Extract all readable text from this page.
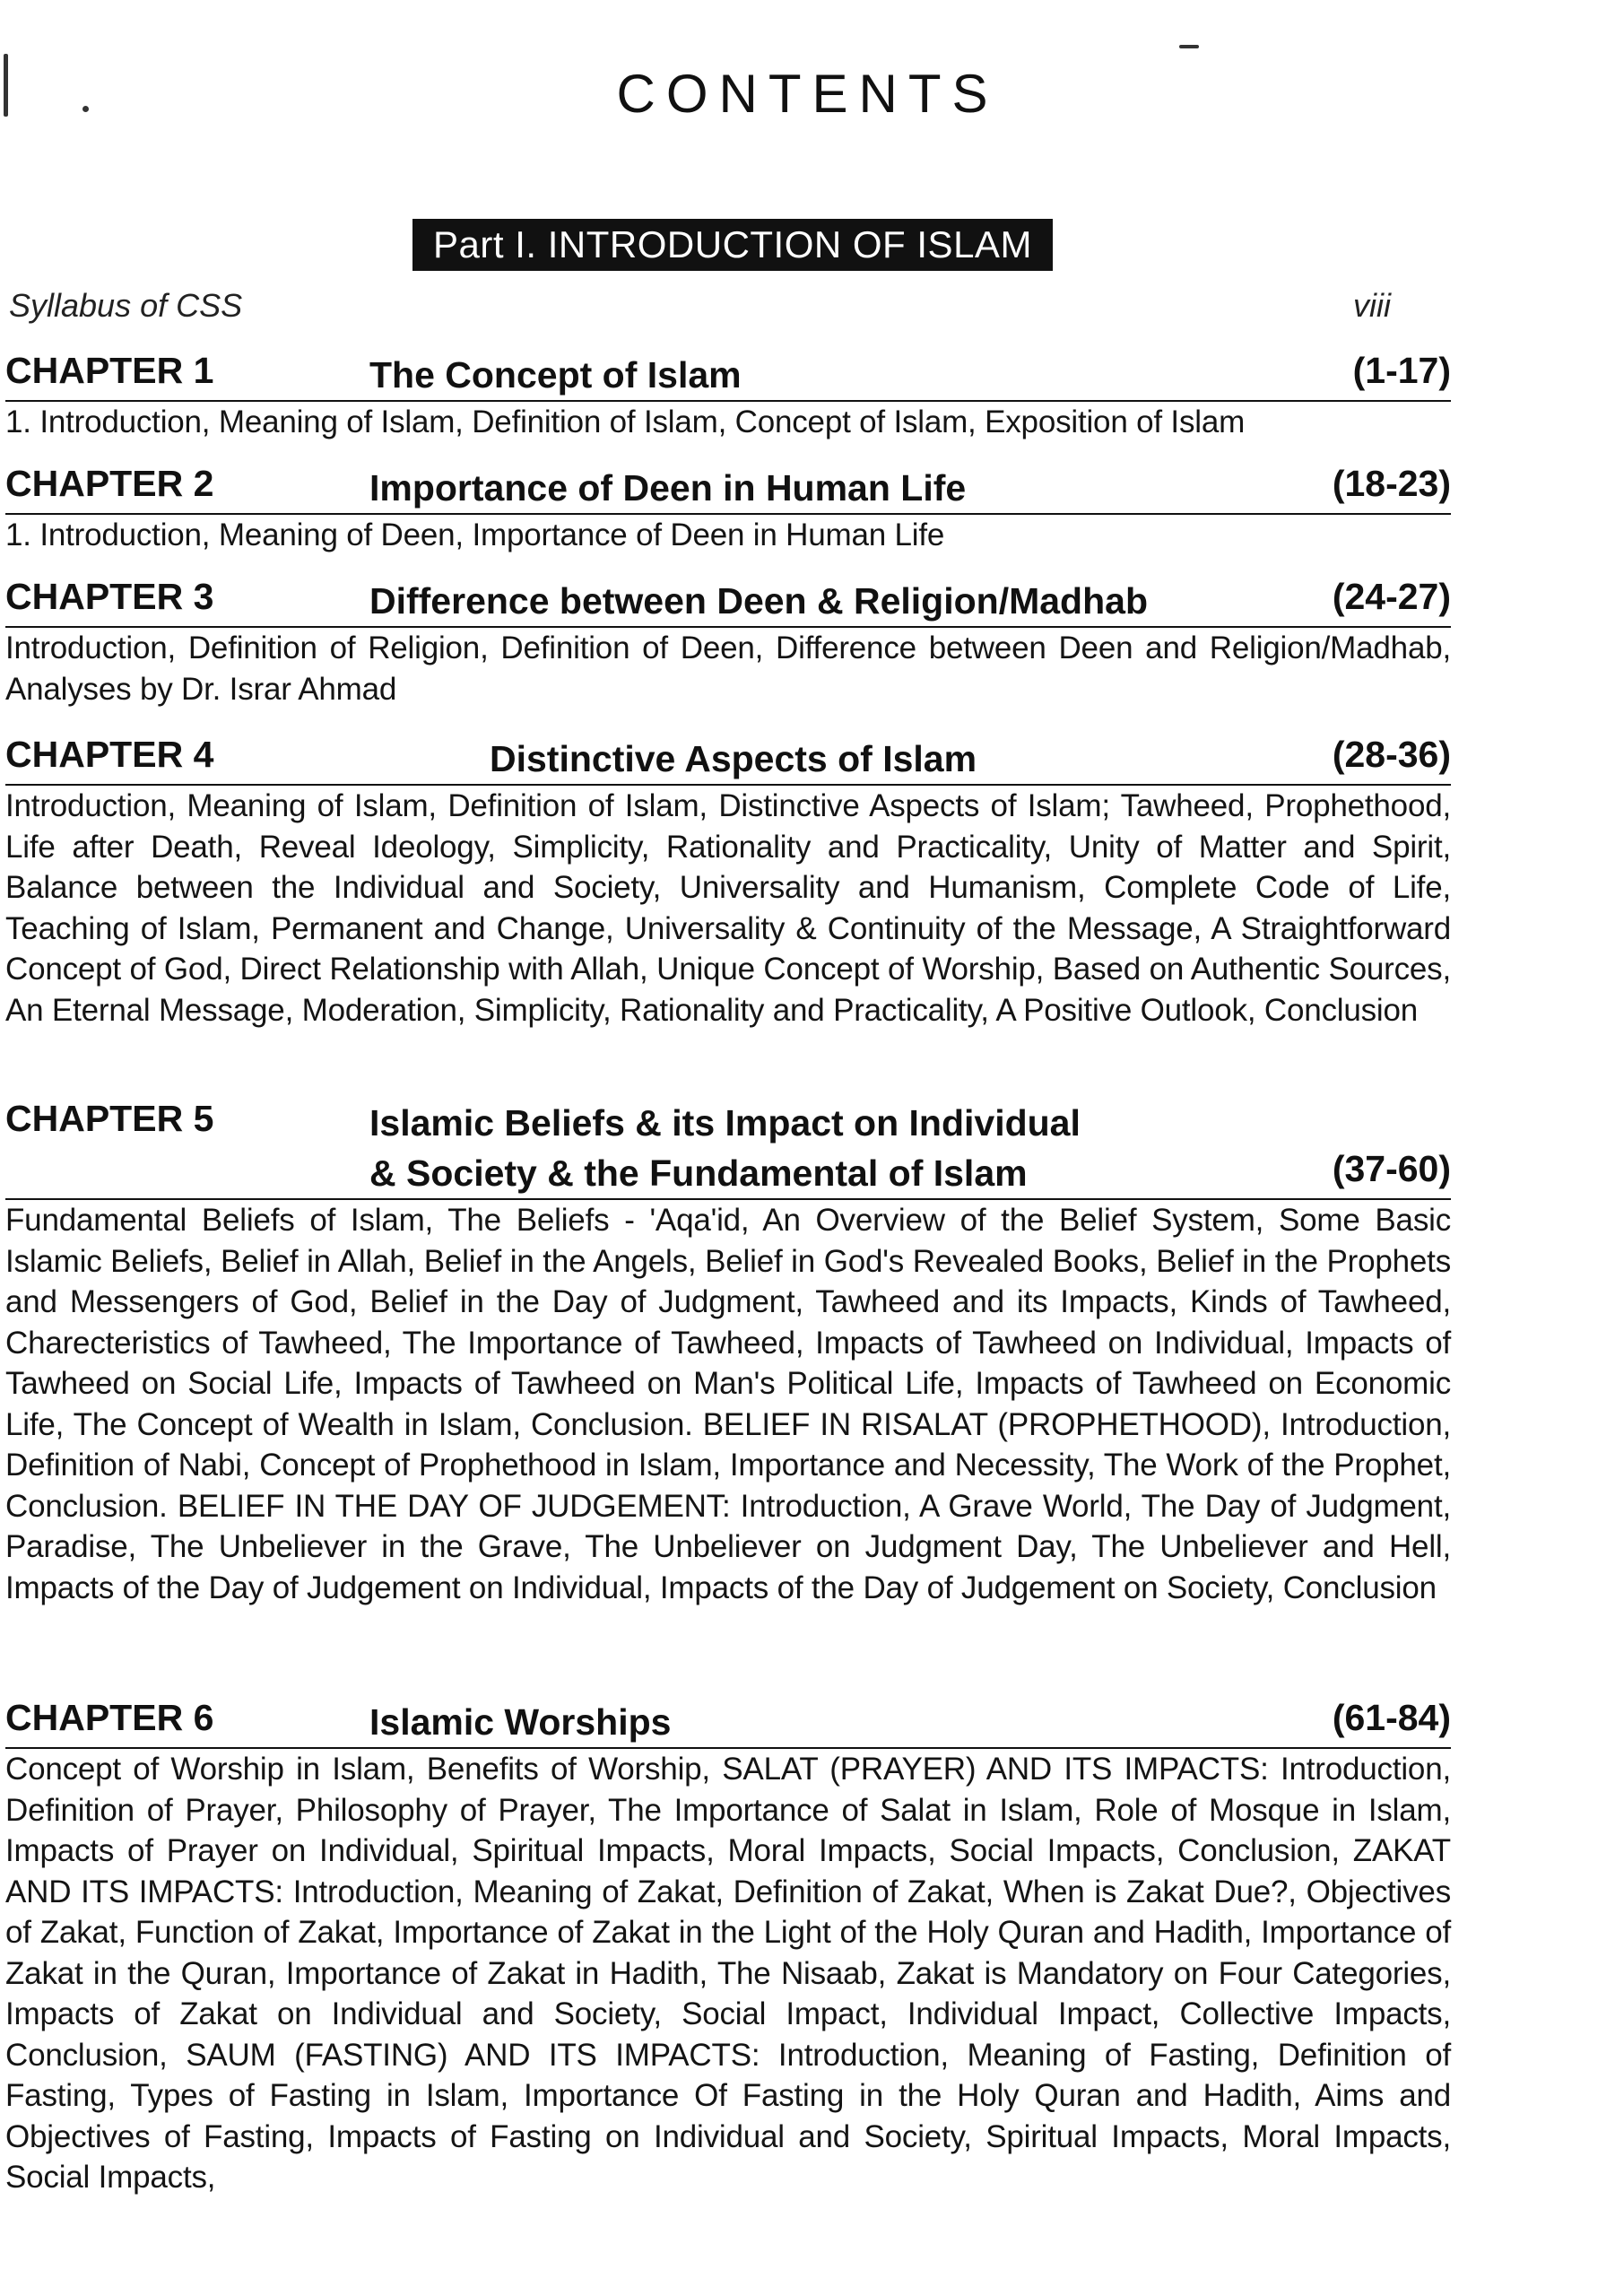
CONTENTS
Part I. INTRODUCTION OF ISLAM
Syllabus of CSS	viii
CHAPTER 1	The Concept of Islam	(1-17)
1. Introduction, Meaning of Islam, Definition of Islam, Concept of Islam, Exposition of Islam
CHAPTER 2	Importance of Deen in Human Life	(18-23)
1. Introduction, Meaning of Deen, Importance of Deen in Human Life
CHAPTER 3	Difference between Deen & Religion/Madhab	(24-27)
Introduction, Definition of Religion, Definition of Deen, Difference between Deen and Religion/Madhab, Analyses by Dr. Israr Ahmad
CHAPTER 4	Distinctive Aspects of Islam	(28-36)
Introduction, Meaning of Islam, Definition of Islam, Distinctive Aspects of Islam; Tawheed, Prophethood, Life after Death, Reveal Ideology, Simplicity, Rationality and Practicality, Unity of Matter and Spirit, Balance between the Individual and Society, Universality and Humanism, Complete Code of Life, Teaching of Islam, Permanent and Change, Universality & Continuity of the Message, A Straightforward Concept of God, Direct Relationship with Allah, Unique Concept of Worship, Based on Authentic Sources, An Eternal Message, Moderation, Simplicity, Rationality and Practicality, A Positive Outlook, Conclusion
CHAPTER 5	Islamic Beliefs & its Impact on Individual
& Society & the Fundamental of Islam	(37-60)
Fundamental Beliefs of Islam, The Beliefs - 'Aqa'id, An Overview of the Belief System, Some Basic Islamic Beliefs, Belief in Allah, Belief in the Angels, Belief in God's Revealed Books, Belief in the Prophets and Messengers of God, Belief in the Day of Judgment, Tawheed and its Impacts, Kinds of Tawheed, Charecteristics of Tawheed, The Importance of Tawheed, Impacts of Tawheed on Individual, Impacts of Tawheed on Social Life, Impacts of Tawheed on Man's Political Life, Impacts of Tawheed on Economic Life, The Concept of Wealth in Islam, Conclusion. BELIEF IN RISALAT (PROPHETHOOD), Introduction, Definition of Nabi, Concept of Prophethood in Islam, Importance and Necessity, The Work of the Prophet, Conclusion. BELIEF IN THE DAY OF JUDGEMENT: Introduction, A Grave World, The Day of Judgment, Paradise, The Unbeliever in the Grave, The Unbeliever on Judgment Day, The Unbeliever and Hell, Impacts of the Day of Judgement on Individual, Impacts of the Day of Judgement on Society, Conclusion
CHAPTER 6	Islamic Worships	(61-84)
Concept of Worship in Islam, Benefits of Worship, SALAT (PRAYER) AND ITS IMPACTS: Introduction, Definition of Prayer, Philosophy of Prayer, The Importance of Salat in Islam, Role of Mosque in Islam, Impacts of Prayer on Individual, Spiritual Impacts, Moral Impacts, Social Impacts, Conclusion, ZAKAT AND ITS IMPACTS: Introduction, Meaning of Zakat, Definition of Zakat, When is Zakat Due?, Objectives of Zakat, Function of Zakat, Importance of Zakat in the Light of the Holy Quran and Hadith, Importance of Zakat in the Quran, Importance of Zakat in Hadith, The Nisaab, Zakat is Mandatory on Four Categories, Impacts of Zakat on Individual and Society, Social Impact, Individual Impact, Collective Impacts, Conclusion, SAUM (FASTING) AND ITS IMPACTS: Introduction, Meaning of Fasting, Definition of Fasting, Types of Fasting in Islam, Importance Of Fasting in the Holy Quran and Hadith, Aims and Objectives of Fasting, Impacts of Fasting on Individual and Society, Spiritual Impacts, Moral Impacts, Social Impacts,
